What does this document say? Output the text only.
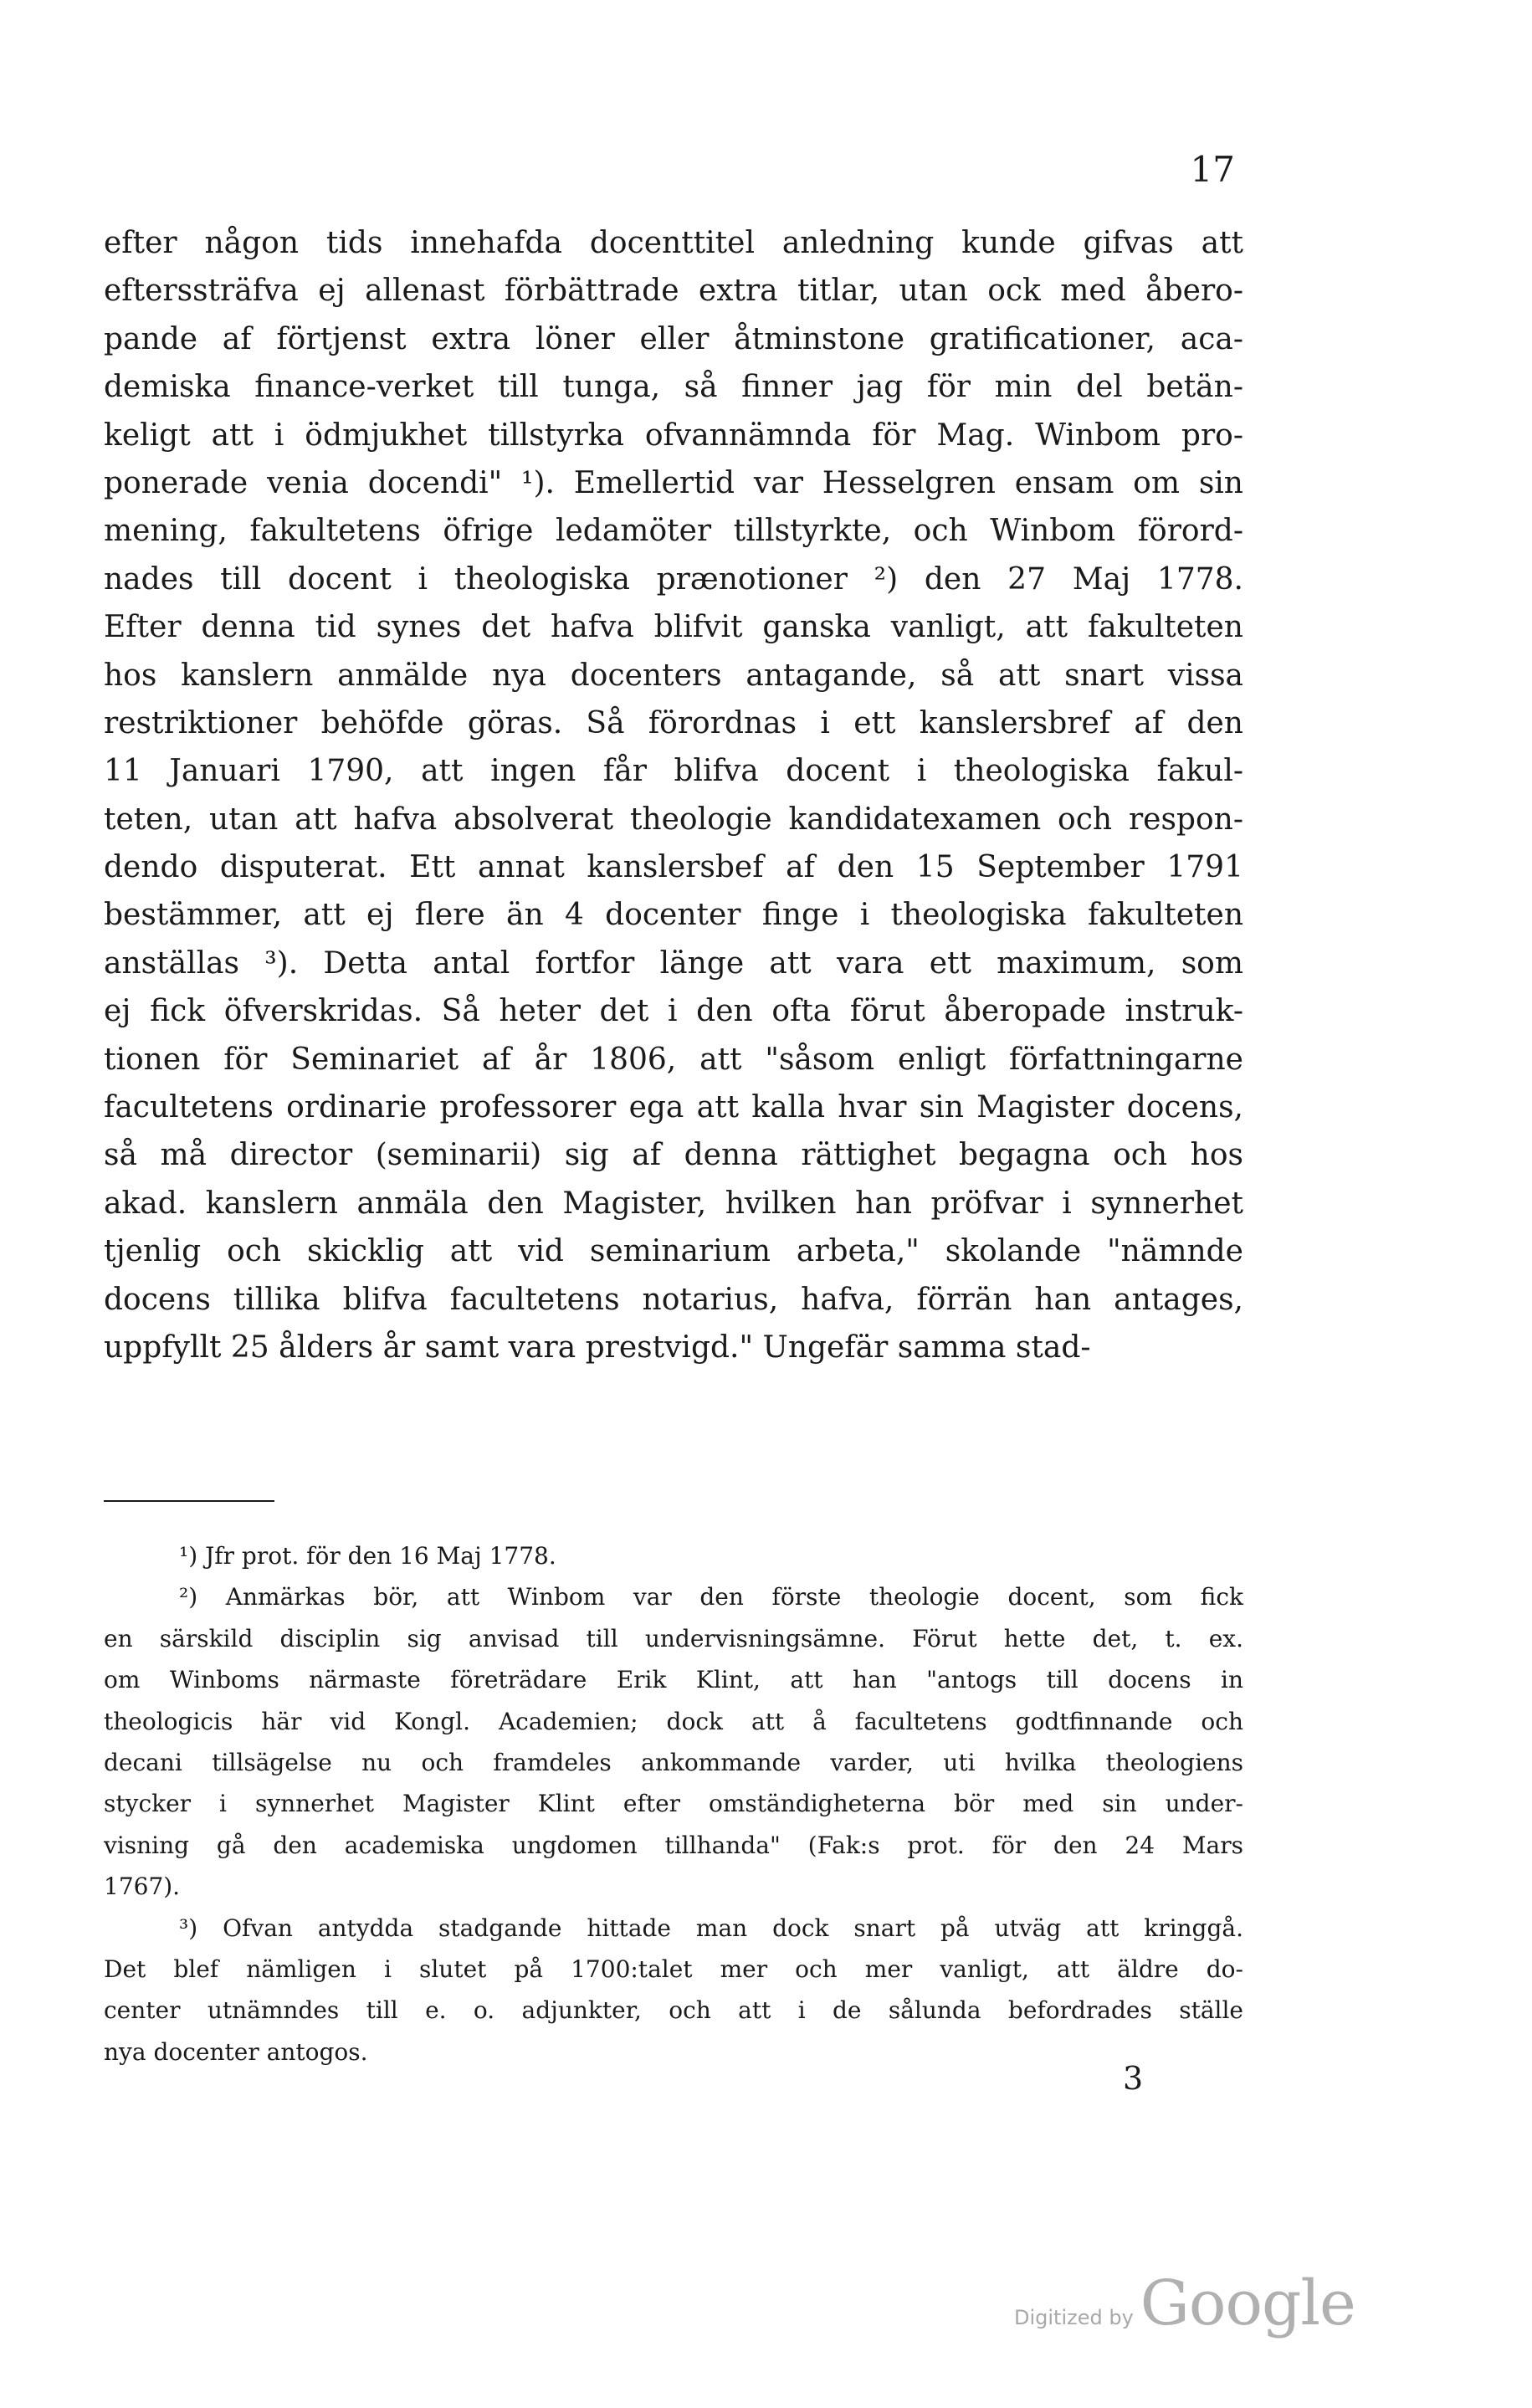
17
efter någon tids innehafda docenttitel anledning kunde gifvas att
efterssträfva ej allenast förbättrade extra titlar, utan ock med åbero-
pande af förtjenst extra löner eller åtminstone gratificationer, aca-
demiska finance-verket till tunga, så finner jag för min del betän-
keligt att i ödmjukhet tillstyrka ofvannämnda för Mag. Winbom pro-
ponerade venia docendi" ¹). Emellertid var Hesselgren ensam om sin
mening, fakultetens öfrige ledamöter tillstyrkte, och Winbom förord-
nades till docent i theologiska prænotioner ²) den 27 Maj 1778.
Efter denna tid synes det hafva blifvit ganska vanligt, att fakulteten
hos kanslern anmälde nya docenters antagande, så att snart vissa
restriktioner behöfde göras. Så förordnas i ett kanslersbref af den
11 Januari 1790, att ingen får blifva docent i theologiska fakul-
teten, utan att hafva absolverat theologie kandidatexamen och respon-
dendo disputerat. Ett annat kanslersbef af den 15 September 1791
bestämmer, att ej flere än 4 docenter finge i theologiska fakulteten
anställas ³). Detta antal fortfor länge att vara ett maximum, som
ej fick öfverskridas. Så heter det i den ofta förut åberopade instruk-
tionen för Seminariet af år 1806, att "såsom enligt författningarne
facultetens ordinarie professorer ega att kalla hvar sin Magister docens,
så må director (seminarii) sig af denna rättighet begagna och hos
akad. kanslern anmäla den Magister, hvilken han pröfvar i synnerhet
tjenlig och skicklig att vid seminarium arbeta," skolande "nämnde
docens tillika blifva facultetens notarius, hafva, förrän han antages,
uppfyllt 25 ålders år samt vara prestvigd." Ungefär samma stad-
¹) Jfr prot. för den 16 Maj 1778.
²) Anmärkas bör, att Winbom var den förste theologie docent, som fick
en särskild disciplin sig anvisad till undervisningsämne. Förut hette det, t. ex.
om Winboms närmaste företrädare Erik Klint, att han "antogs till docens in
theologicis här vid Kongl. Academien; dock att å facultetens godtfinnande och
decani tillsägelse nu och framdeles ankommande varder, uti hvilka theologiens
stycker i synnerhet Magister Klint efter omständigheterna bör med sin under-
visning gå den academiska ungdomen tillhanda" (Fak:s prot. för den 24 Mars
1767).
³) Ofvan antydda stadgande hittade man dock snart på utväg att kringgå.
Det blef nämligen i slutet på 1700:talet mer och mer vanligt, att äldre do-
center utnämndes till e. o. adjunkter, och att i de sålunda befordrades ställe
nya docenter antogos.
3
Digitized by Google
